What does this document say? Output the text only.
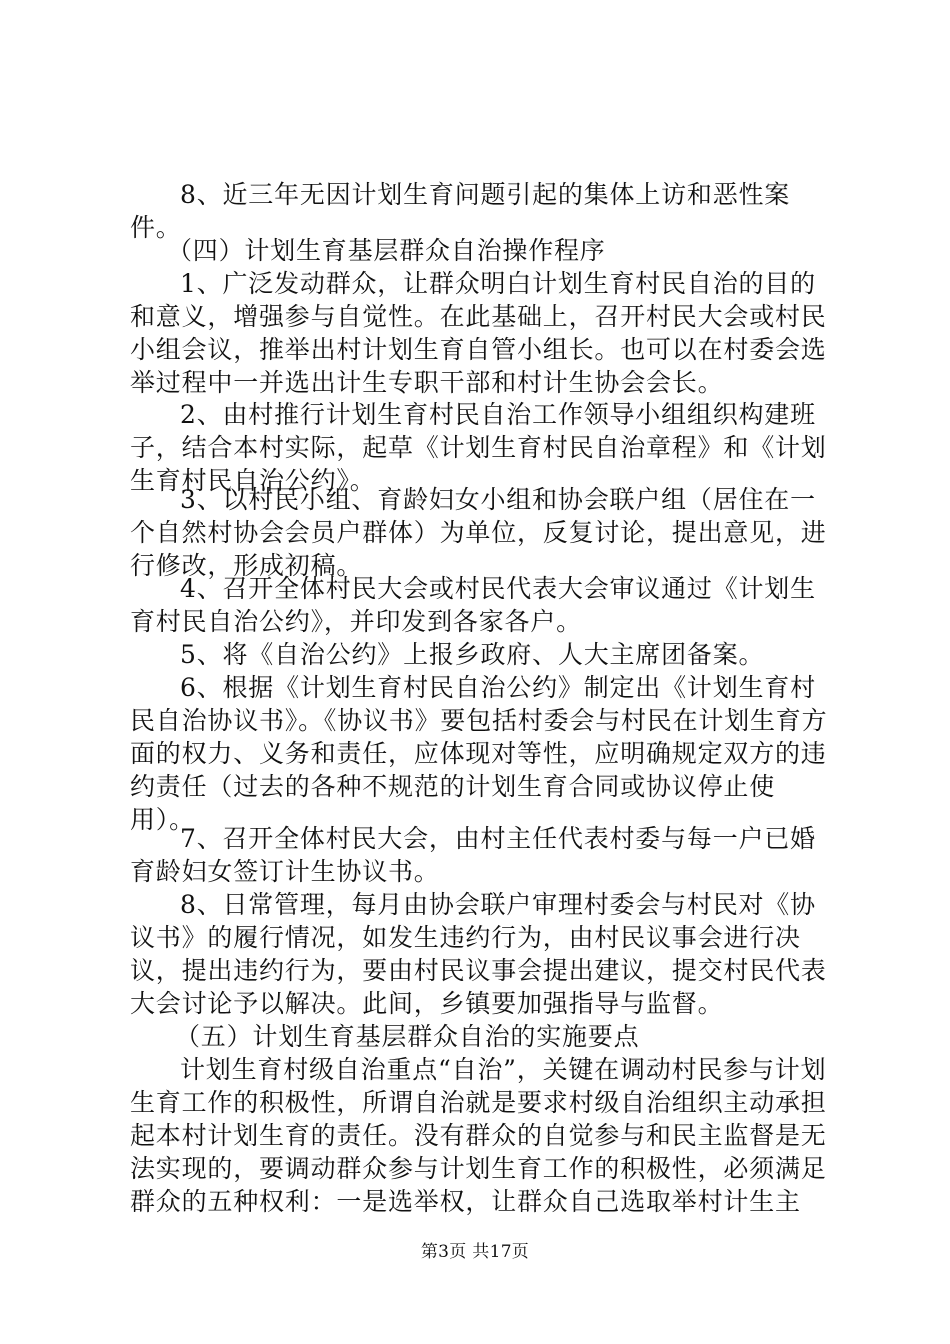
8、近三年无因计划生育问题引起的集体上访和恶性案件。
（四）计划生育基层群众自治操作程序
1、广泛发动群众，让群众明白计划生育村民自治的目的和意义，增强参与自觉性。在此基础上，召开村民大会或村民小组会议，推举出村计划生育自管小组长。也可以在村委会选举过程中一并选出计生专职干部和村计生协会会长。
2、由村推行计划生育村民自治工作领导小组组织构建班子，结合本村实际，起草《计划生育村民自治章程》和《计划生育村民自治公约》。
3、以村民小组、育龄妇女小组和协会联户组（居住在一个自然村协会会员户群体）为单位，反复讨论，提出意见，进行修改，形成初稿。
4、召开全体村民大会或村民代表大会审议通过《计划生育村民自治公约》，并印发到各家各户。
5、将《自治公约》上报乡政府、人大主席团备案。
6、根据《计划生育村民自治公约》制定出《计划生育村民自治协议书》。《协议书》要包括村委会与村民在计划生育方面的权力、义务和责任，应体现对等性，应明确规定双方的违约责任（过去的各种不规范的计划生育合同或协议停止使用）。
7、召开全体村民大会，由村主任代表村委与每一户已婚育龄妇女签订计生协议书。
8、日常管理，每月由协会联户审理村委会与村民对《协议书》的履行情况，如发生违约行为，由村民议事会进行决议，提出违约行为，要由村民议事会提出建议，提交村民代表大会讨论予以解决。此间，乡镇要加强指导与监督。
（五）计划生育基层群众自治的实施要点
计划生育村级自治重点“自治”，关键在调动村民参与计划生育工作的积极性，所谓自治就是要求村级自治组织主动承担起本村计划生育的责任。没有群众的自觉参与和民主监督是无法实现的，要调动群众参与计划生育工作的积极性，必须满足群众的五种权利：一是选举权，让群众自己选取举村计生主
第3页 共17页
